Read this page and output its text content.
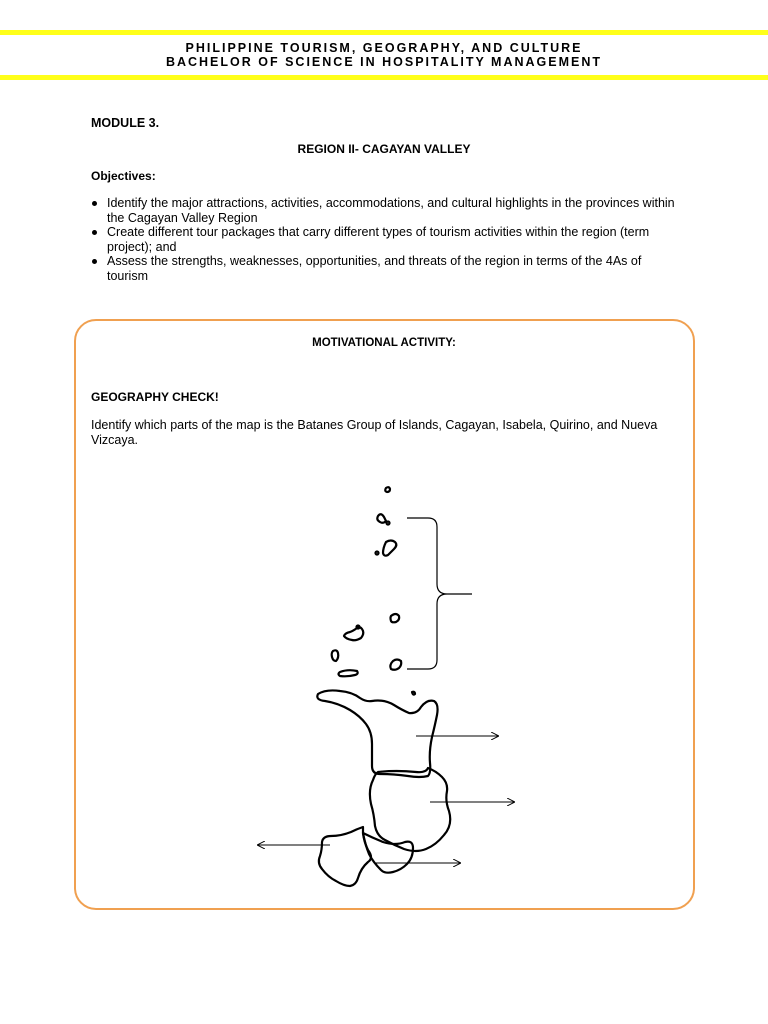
PHILIPPINE TOURISM, GEOGRAPHY, AND CULTURE
BACHELOR OF SCIENCE IN HOSPITALITY MANAGEMENT
MODULE 3.
REGION II- CAGAYAN VALLEY
Objectives:
Identify the major attractions, activities, accommodations, and cultural highlights in the provinces within the Cagayan Valley Region
Create different tour packages that carry different types of tourism activities within the region (term project); and
Assess the strengths, weaknesses, opportunities, and threats of the region in terms of the 4As of tourism
MOTIVATIONAL ACTIVITY:
GEOGRAPHY CHECK!
Identify which parts of the map is the Batanes Group of Islands, Cagayan, Isabela, Quirino, and Nueva Vizcaya.
